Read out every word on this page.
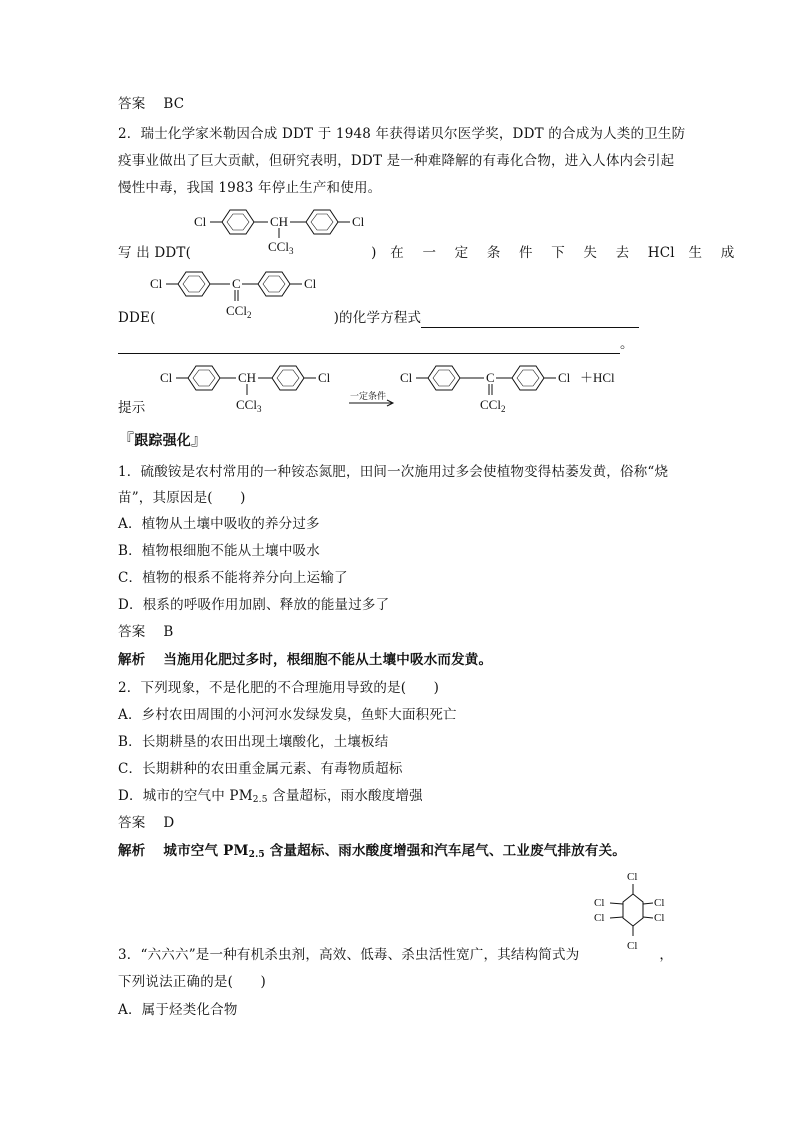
答案 BC
2．瑞士化学家米勒因合成 DDT 于 1948 年获得诺贝尔医学奖，DDT 的合成为人类的卫生防
疫事业做出了巨大贡献，但研究表明，DDT 是一种难降解的有毒化合物，进入人体内会引起
慢性中毒，我国 1983 年停止生产和使用。
Cl	CH	Cl
CCl$_3$
写 出 DDT(	)　在 一 定 条 件 下 失 去 HCl　生 成
Cl	C	Cl
CCl$_2$
DDE(	)的化学方程式
。
Cl	CH	Cl
CCl$_3$
一定条件
Cl	C	Cl ＋HCl
CCl$_2$
提示
『跟踪强化』
1．硫酸铵是农村常用的一种铵态氮肥，田间一次施用过多会使植物变得枯萎发黄，俗称“烧
苗”，其原因是(　　)
A．植物从土壤中吸收的养分过多
B．植物根细胞不能从土壤中吸水
C．植物的根系不能将养分向上运输了
D．根系的呼吸作用加剧、释放的能量过多了
答案 B
解析 当施用化肥过多时，根细胞不能从土壤中吸水而发黄。
2．下列现象，不是化肥的不合理施用导致的是(　　)
A．乡村农田周围的小河河水发绿发臭，鱼虾大面积死亡
B．长期耕垦的农田出现土壤酸化，土壤板结
C．长期耕种的农田重金属元素、有毒物质超标
D．城市的空气中 $PM_{2.5}$ 含量超标，雨水酸度增强
答案 D
解析 城市空气 $PM_{2.5}$ 含量超标、雨水酸度增强和汽车尾气、工业废气排放有关。
Cl
Cl
Cl
Cl
Cl
Cl
3．“六六六”是一种有机杀虫剂，高效、低毒、杀虫活性宽广，其结构简式为	，
下列说法正确的是(　　)
A．属于烃类化合物
